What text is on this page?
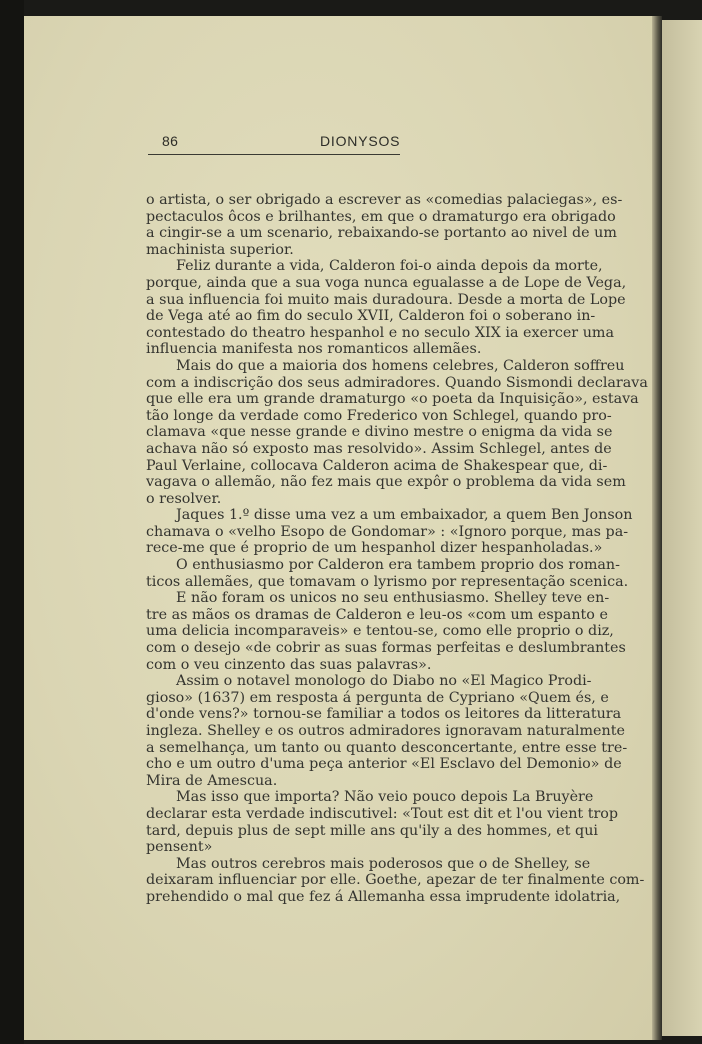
86	DIONYSOS
o artista, o ser obrigado a escrever as «comedias palaciegas», es-
pectaculos ôcos e brilhantes, em que o dramaturgo era obrigado
a cingir-se a um scenario, rebaixando-se portanto ao nivel de um
machinista superior.
Feliz durante a vida, Calderon foi-o ainda depois da morte,
porque, ainda que a sua voga nunca egualasse a de Lope de Vega,
a sua influencia foi muito mais duradoura. Desde a morta de Lope
de Vega até ao fim do seculo XVII, Calderon foi o soberano in-
contestado do theatro hespanhol e no seculo XIX ia exercer uma
influencia manifesta nos romanticos allemães.
Mais do que a maioria dos homens celebres, Calderon soffreu
com a indiscrição dos seus admiradores. Quando Sismondi declarava
que elle era um grande dramaturgo «o poeta da Inquisição», estava
tão longe da verdade como Frederico von Schlegel, quando pro-
clamava «que nesse grande e divino mestre o enigma da vida se
achava não só exposto mas resolvido». Assim Schlegel, antes de
Paul Verlaine, collocava Calderon acima de Shakespear que, di-
vagava o allemão, não fez mais que expôr o problema da vida sem
o resolver.
Jaques 1.º disse uma vez a um embaixador, a quem Ben Jonson
chamava o «velho Esopo de Gondomar» : «Ignoro porque, mas pa-
rece-me que é proprio de um hespanhol dizer hespanholadas.»
O enthusiasmo por Calderon era tambem proprio dos roman-
ticos allemães, que tomavam o lyrismo por representação scenica.
E não foram os unicos no seu enthusiasmo. Shelley teve en-
tre as mãos os dramas de Calderon e leu-os «com um espanto e
uma delicia incomparaveis» e tentou-se, como elle proprio o diz,
com o desejo «de cobrir as suas formas perfeitas e deslumbrantes
com o veu cinzento das suas palavras».
Assim o notavel monologo do Diabo no «El Magico Prodi-
gioso» (1637) em resposta á pergunta de Cypriano «Quem és, e
d'onde vens?» tornou-se familiar a todos os leitores da litteratura
ingleza. Shelley e os outros admiradores ignoravam naturalmente
a semelhança, um tanto ou quanto desconcertante, entre esse tre-
cho e um outro d'uma peça anterior «El Esclavo del Demonio» de
Mira de Amescua.
Mas isso que importa? Não veio pouco depois La Bruyère
declarar esta verdade indiscutivel: «Tout est dit et l'ou vient trop
tard, depuis plus de sept mille ans qu'ily a des hommes, et qui
pensent»
Mas outros cerebros mais poderosos que o de Shelley, se
deixaram influenciar por elle. Goethe, apezar de ter finalmente com-
prehendido o mal que fez á Allemanha essa imprudente idolatria,
